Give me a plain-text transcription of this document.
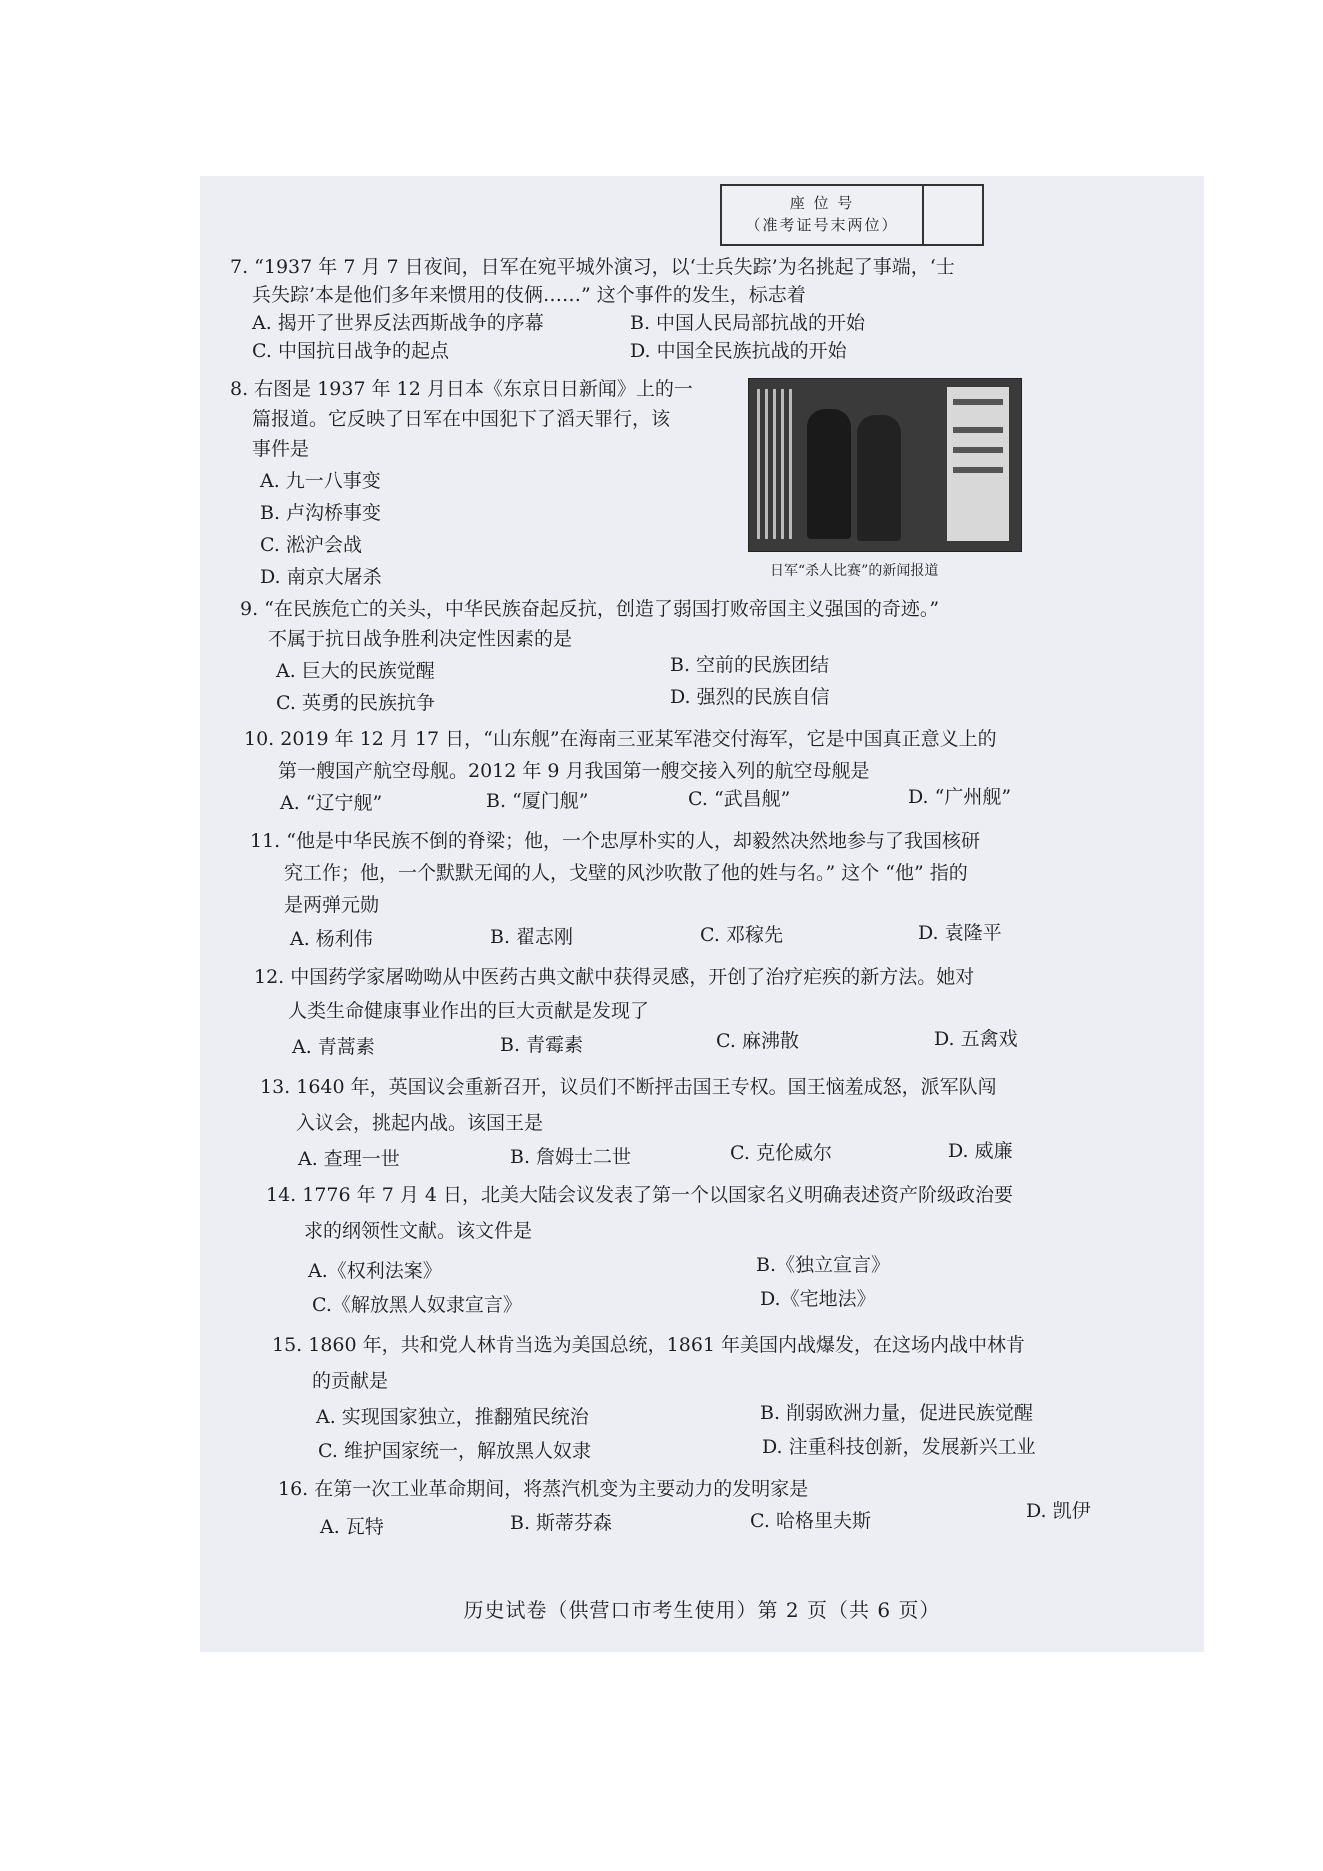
座 位 号
（准考证号末两位）
7. “1937 年 7 月 7 日夜间，日军在宛平城外演习，以‘士兵失踪’为名挑起了事端，‘士
兵失踪’本是他们多年来惯用的伎俩……” 这个事件的发生，标志着
A. 揭开了世界反法西斯战争的序幕	B. 中国人民局部抗战的开始
C. 中国抗日战争的起点	D. 中国全民族抗战的开始
8. 右图是 1937 年 12 月日本《东京日日新闻》上的一
篇报道。它反映了日军在中国犯下了滔天罪行，该
事件是
A. 九一八事变
B. 卢沟桥事变
C. 淞沪会战
D. 南京大屠杀	日军“杀人比赛”的新闻报道
9. “在民族危亡的关头，中华民族奋起反抗，创造了弱国打败帝国主义强国的奇迹。”
不属于抗日战争胜利决定性因素的是
A. 巨大的民族觉醒	B. 空前的民族团结
C. 英勇的民族抗争	D. 强烈的民族自信
10. 2019 年 12 月 17 日，“山东舰”在海南三亚某军港交付海军，它是中国真正意义上的
第一艘国产航空母舰。2012 年 9 月我国第一艘交接入列的航空母舰是
A. “辽宁舰”	B. “厦门舰”	C. “武昌舰”	D. “广州舰”
11. “他是中华民族不倒的脊梁；他，一个忠厚朴实的人，却毅然决然地参与了我国核研
究工作；他，一个默默无闻的人，戈壁的风沙吹散了他的姓与名。” 这个 “他” 指的
是两弹元勋
A. 杨利伟	B. 翟志刚	C. 邓稼先	D. 袁隆平
12. 中国药学家屠呦呦从中医药古典文献中获得灵感，开创了治疗疟疾的新方法。她对
人类生命健康事业作出的巨大贡献是发现了
A. 青蒿素	B. 青霉素	C. 麻沸散	D. 五禽戏
13. 1640 年，英国议会重新召开，议员们不断抨击国王专权。国王恼羞成怒，派军队闯
入议会，挑起内战。该国王是
A. 查理一世	B. 詹姆士二世	C. 克伦威尔	D. 威廉
14. 1776 年 7 月 4 日，北美大陆会议发表了第一个以国家名义明确表述资产阶级政治要
求的纲领性文献。该文件是
A.《权利法案》	B.《独立宣言》
C.《解放黑人奴隶宣言》	D.《宅地法》
15. 1860 年，共和党人林肯当选为美国总统，1861 年美国内战爆发，在这场内战中林肯
的贡献是
A. 实现国家独立，推翻殖民统治	B. 削弱欧洲力量，促进民族觉醒
C. 维护国家统一，解放黑人奴隶	D. 注重科技创新，发展新兴工业
16. 在第一次工业革命期间，将蒸汽机变为主要动力的发明家是
A. 瓦特	B. 斯蒂芬森	C. 哈格里夫斯	D. 凯伊
历史试卷（供营口市考生使用）第 2 页（共 6 页）
